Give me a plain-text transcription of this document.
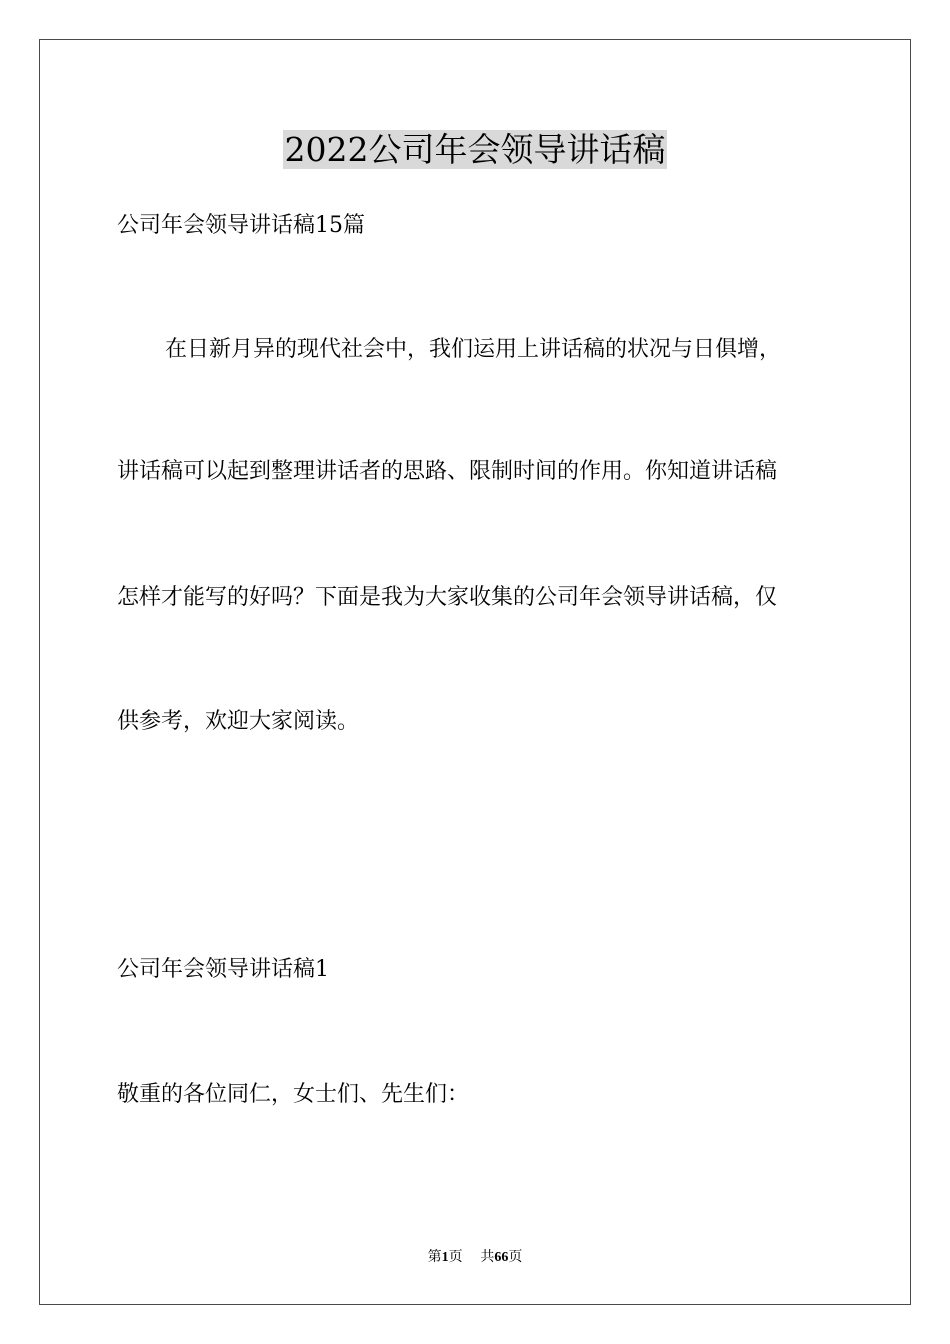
2022公司年会领导讲话稿
公司年会领导讲话稿15篇
在日新月异的现代社会中，我们运用上讲话稿的状况与日俱增，
讲话稿可以起到整理讲话者的思路、限制时间的作用。你知道讲话稿
怎样才能写的好吗？下面是我为大家收集的公司年会领导讲话稿，仅
供参考，欢迎大家阅读。
公司年会领导讲话稿1
敬重的各位同仁，女士们、先生们：
第1页 共66页
